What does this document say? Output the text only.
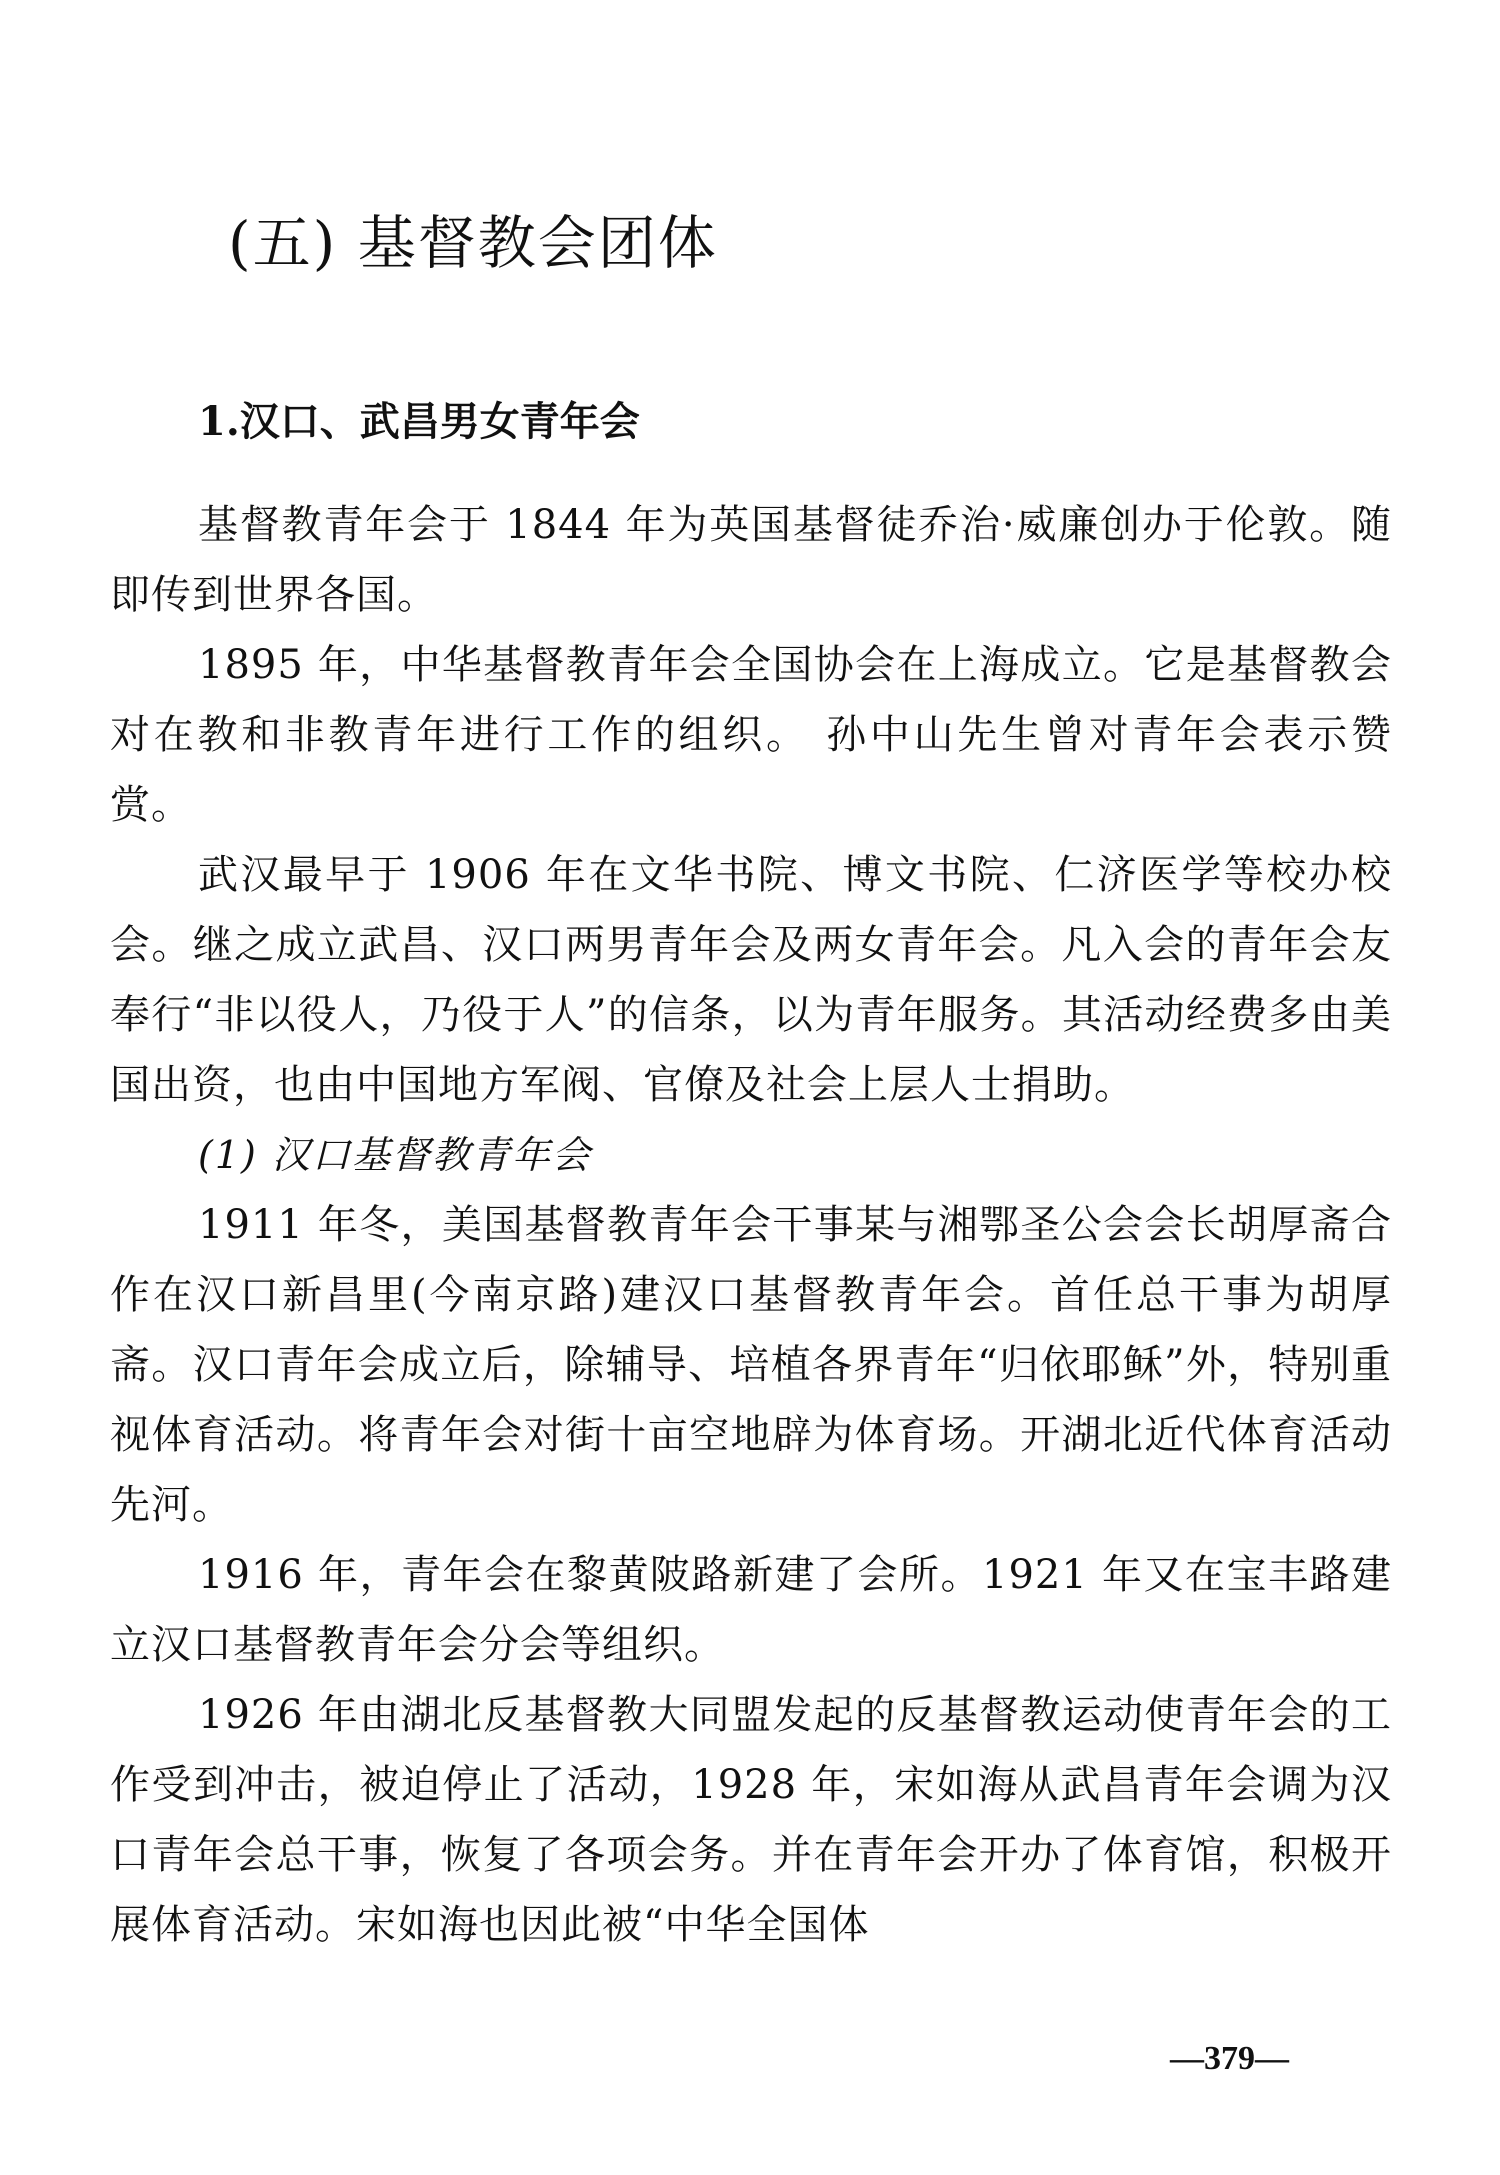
(五) 基督教会团体
1.汉口、武昌男女青年会

基督教青年会于 1844 年为英国基督徒乔治·威廉创办于伦敦。随即传到世界各国。

1895 年，中华基督教青年会全国协会在上海成立。它是基督教会对在教和非教青年进行工作的组织。 孙中山先生曾对青年会表示赞赏。

武汉最早于 1906 年在文华书院、博文书院、仁济医学等校办校会。继之成立武昌、汉口两男青年会及两女青年会。凡入会的青年会友奉行“非以役人，乃役于人”的信条，以为青年服务。其活动经费多由美国出资，也由中国地方军阀、官僚及社会上层人士捐助。

(1) 汉口基督教青年会

1911 年冬，美国基督教青年会干事某与湘鄂圣公会会长胡厚斋合作在汉口新昌里(今南京路)建汉口基督教青年会。首任总干事为胡厚斋。汉口青年会成立后，除辅导、培植各界青年“归依耶稣”外，特别重视体育活动。将青年会对街十亩空地辟为体育场。开湖北近代体育活动先河。

1916 年，青年会在黎黄陂路新建了会所。1921 年又在宝丰路建立汉口基督教青年会分会等组织。

1926 年由湖北反基督教大同盟发起的反基督教运动使青年会的工作受到冲击，被迫停止了活动，1928 年，宋如海从武昌青年会调为汉口青年会总干事，恢复了各项会务。并在青年会开办了体育馆，积极开展体育活动。宋如海也因此被“中华全国体

—379—
